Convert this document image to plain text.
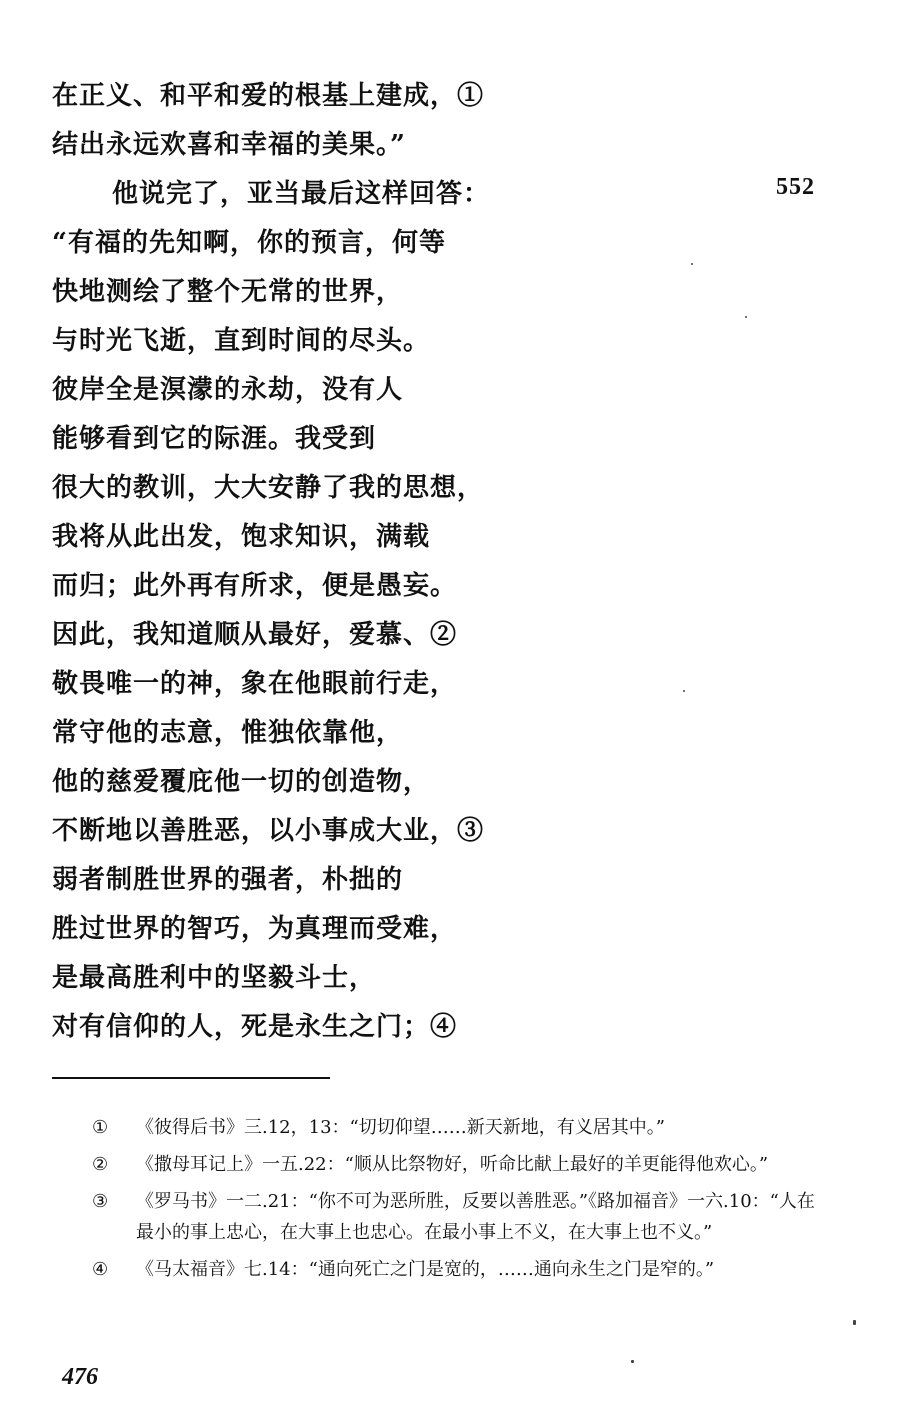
在正义、和平和爱的根基上建成，①
结出永远欢喜和幸福的美果。”
他说完了，亚当最后这样回答：
“有福的先知啊，你的预言，何等
快地测绘了整个无常的世界，
与时光飞逝，直到时间的尽头。
彼岸全是溟濛的永劫，没有人
能够看到它的际涯。我受到
很大的教训，大大安静了我的思想，
我将从此出发，饱求知识，满载
而归；此外再有所求，便是愚妄。
因此，我知道顺从最好，爱慕、②
敬畏唯一的神，象在他眼前行走，
常守他的志意，惟独依靠他，
他的慈爱覆庇他一切的创造物，
不断地以善胜恶，以小事成大业，③
弱者制胜世界的强者，朴拙的
胜过世界的智巧，为真理而受难，
是最高胜利中的坚毅斗士，
对有信仰的人，死是永生之门；④
552
①	《彼得后书》三.12，13：“切切仰望……新天新地，有义居其中。”
②	《撒母耳记上》一五.22：“顺从比祭物好，听命比献上最好的羊更能得他欢心。”
③	《罗马书》一二.21：“你不可为恶所胜，反要以善胜恶。”《路加福音》一六.10：“人在最小的事上忠心，在大事上也忠心。在最小事上不义，在大事上也不义。”
④	《马太福音》七.14：“通向死亡之门是宽的，……通向永生之门是窄的。”
476
